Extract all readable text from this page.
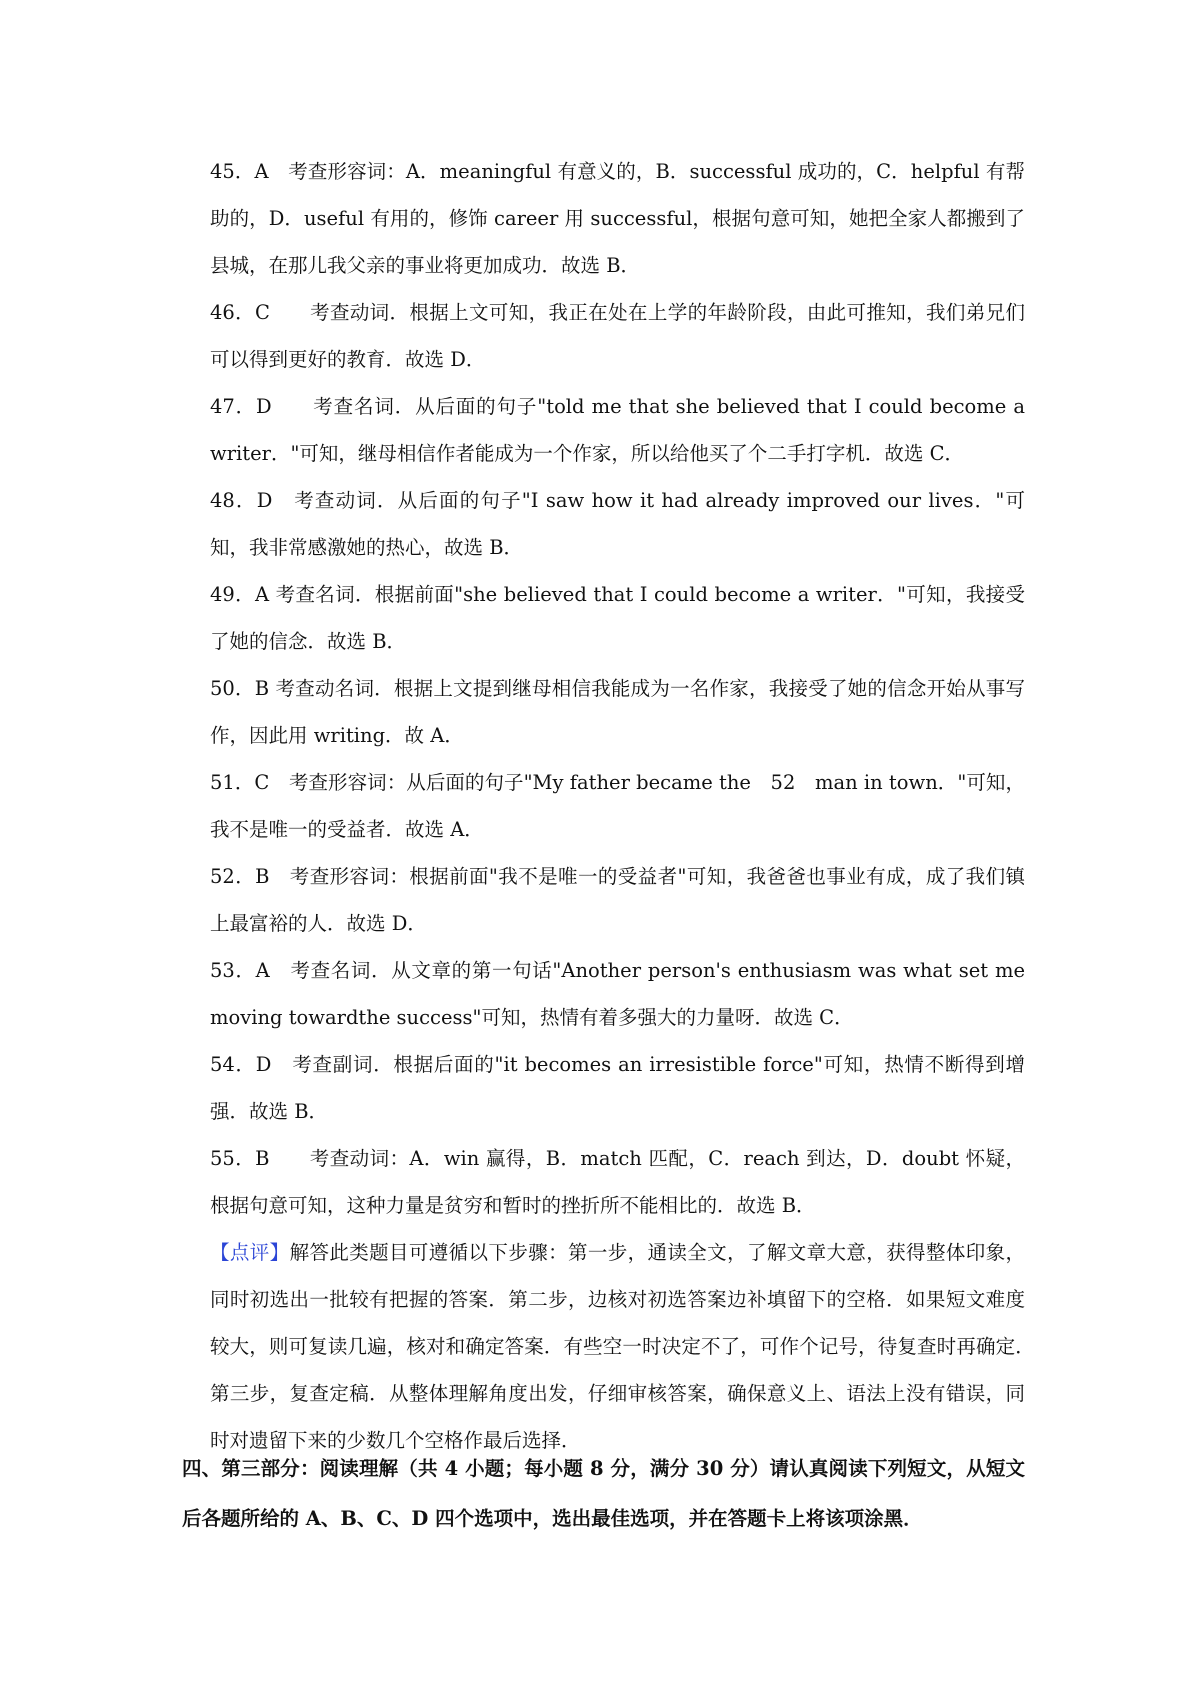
45．A　考查形容词：A．meaningful 有意义的，B．successful 成功的，C．helpful 有帮助的，D．useful 有用的，修饰 career 用 successful，根据句意可知，她把全家人都搬到了县城，在那儿我父亲的事业将更加成功．故选 B．

46．C　　考查动词．根据上文可知，我正在处在上学的年龄阶段，由此可推知，我们弟兄们可以得到更好的教育．故选 D．

47．D　　考查名词．从后面的句子"told me that she believed that I could become a writer．"可知，继母相信作者能成为一个作家，所以给他买了个二手打字机．故选 C．

48．D　考查动词．从后面的句子"I saw how it had already improved our lives．"可知，我非常感激她的热心，故选 B．

49．A 考查名词．根据前面"she believed that I could become a writer．"可知，我接受了她的信念．故选 B．

50．B 考查动名词．根据上文提到继母相信我能成为一名作家，我接受了她的信念开始从事写作，因此用 writing．故 A．

51．C　考查形容词：从后面的句子"My father became the　52　man in town．"可知，我不是唯一的受益者．故选 A．

52．B　考查形容词：根据前面"我不是唯一的受益者"可知，我爸爸也事业有成，成了我们镇上最富裕的人．故选 D．

53．A　考查名词．从文章的第一句话"Another person's enthusiasm was what set me moving towardthe success"可知，热情有着多强大的力量呀．故选 C．

54．D　考查副词．根据后面的"it becomes an irresistible force"可知，热情不断得到增强．故选 B．

55．B　　考查动词：A．win 赢得，B．match 匹配，C．reach 到达，D．doubt 怀疑，根据句意可知，这种力量是贫穷和暂时的挫折所不能相比的．故选 B．

【点评】解答此类题目可遵循以下步骤：第一步，通读全文，了解文章大意，获得整体印象，同时初选出一批较有把握的答案．第二步，边核对初选答案边补填留下的空格．如果短文难度较大，则可复读几遍，核对和确定答案．有些空一时决定不了，可作个记号，待复查时再确定．　第三步，复查定稿．从整体理解角度出发，仔细审核答案，确保意义上、语法上没有错误，同时对遗留下来的少数几个空格作最后选择．

四、第三部分：阅读理解（共 4 小题；每小题 8 分，满分 30 分）请认真阅读下列短文，从短文后各题所给的 A、B、C、D 四个选项中，选出最佳选项，并在答题卡上将该项涂黑．
